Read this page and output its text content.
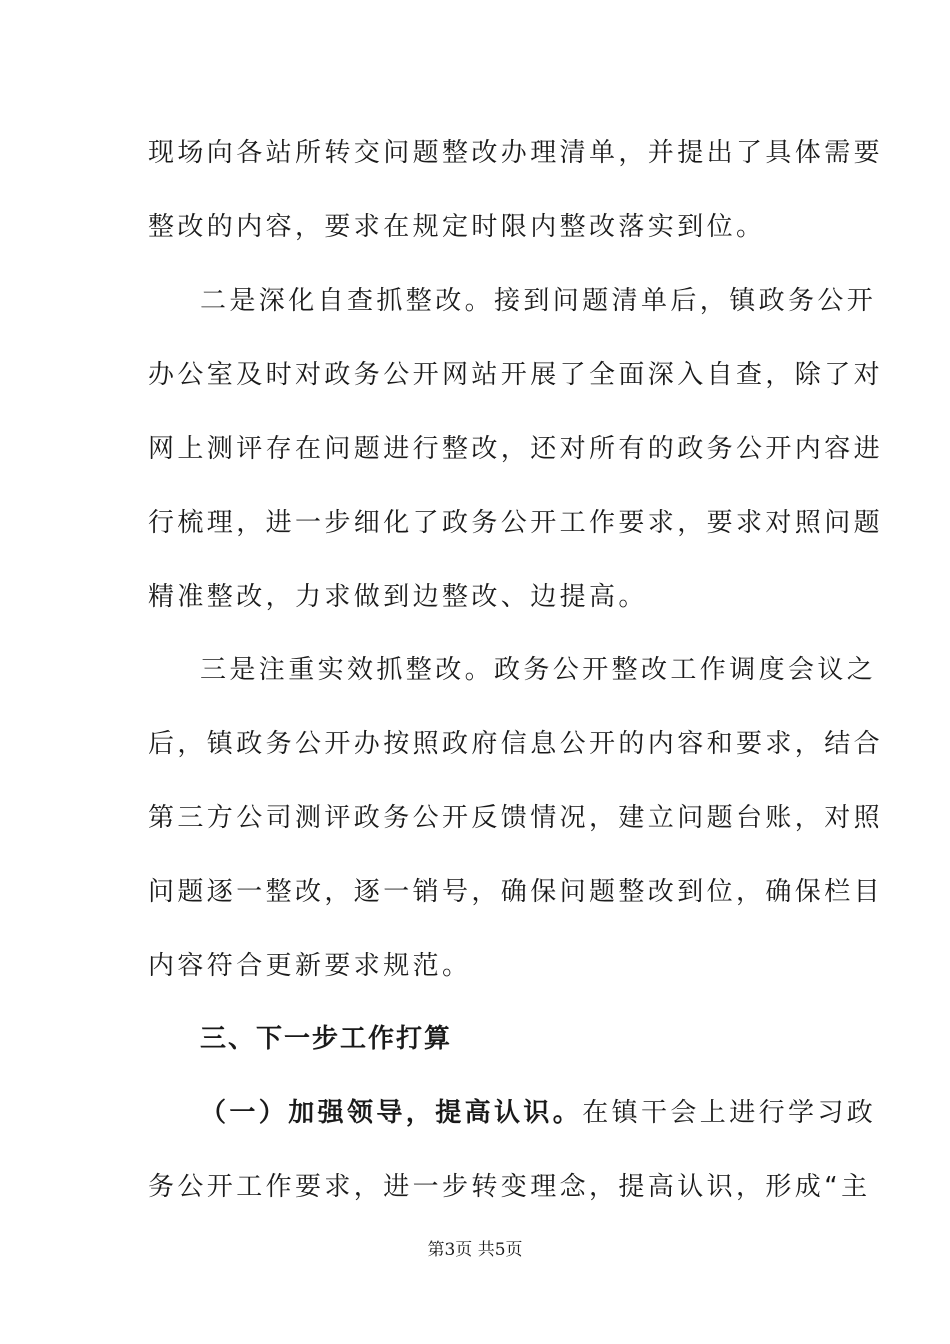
现场向各站所转交问题整改办理清单，并提出了具体需要
整改的内容，要求在规定时限内整改落实到位。
二是深化自查抓整改。接到问题清单后，镇政务公开
办公室及时对政务公开网站开展了全面深入自查，除了对
网上测评存在问题进行整改，还对所有的政务公开内容进
行梳理，进一步细化了政务公开工作要求，要求对照问题
精准整改，力求做到边整改、边提高。
三是注重实效抓整改。政务公开整改工作调度会议之
后，镇政务公开办按照政府信息公开的内容和要求，结合
第三方公司测评政务公开反馈情况，建立问题台账，对照
问题逐一整改，逐一销号，确保问题整改到位，确保栏目
内容符合更新要求规范。
三、下一步工作打算
（一）加强领导，提高认识。在镇干会上进行学习政
务公开工作要求，进一步转变理念，提高认识，形成“主
第3页 共5页
